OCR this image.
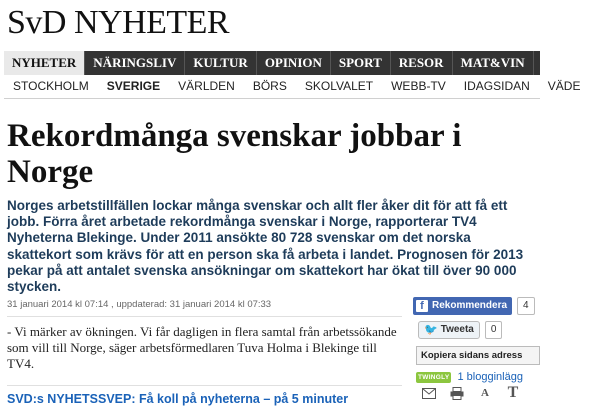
SvD NYHETER
NYHETER	NÄRINGSLIV	KULTUR	OPINION	SPORT	RESOR	MAT&VIN
STOCKHOLM	SVERIGE	VÄRLDEN	BÖRS	SKOLVALET	WEBB-TV	IDAGSIDAN	VÄDE
Rekordmånga svenskar jobbar i Norge

Norges arbetstillfällen lockar många svenskar och allt fler åker dit för att få ett jobb. Förra året arbetade rekordmånga svenskar i Norge, rapporterar TV4 Nyheterna Blekinge. Under 2011 ansökte 80 728 svenskar om det norska skattekort som krävs för att en person ska få arbeta i landet. Prognosen för 2013 pekar på att antalet svenska ansökningar om skattekort har ökat till över 90 000 stycken.

31 januari 2014 kl 07:14 , uppdaterad: 31 januari 2014 kl 07:33

- Vi märker av ökningen. Vi får dagligen in flera samtal från arbetssökande som vill till Norge, säger arbetsförmedlaren Tuva Holma i Blekinge till TV4.

SVD:s NYHETSSVEP: Få koll på nyheterna – på 5 minuter
f Rekommendera	4
🐦 Tweeta	0
Kopiera sidans adress
TWINGLY 1 blogginlägg
A T
